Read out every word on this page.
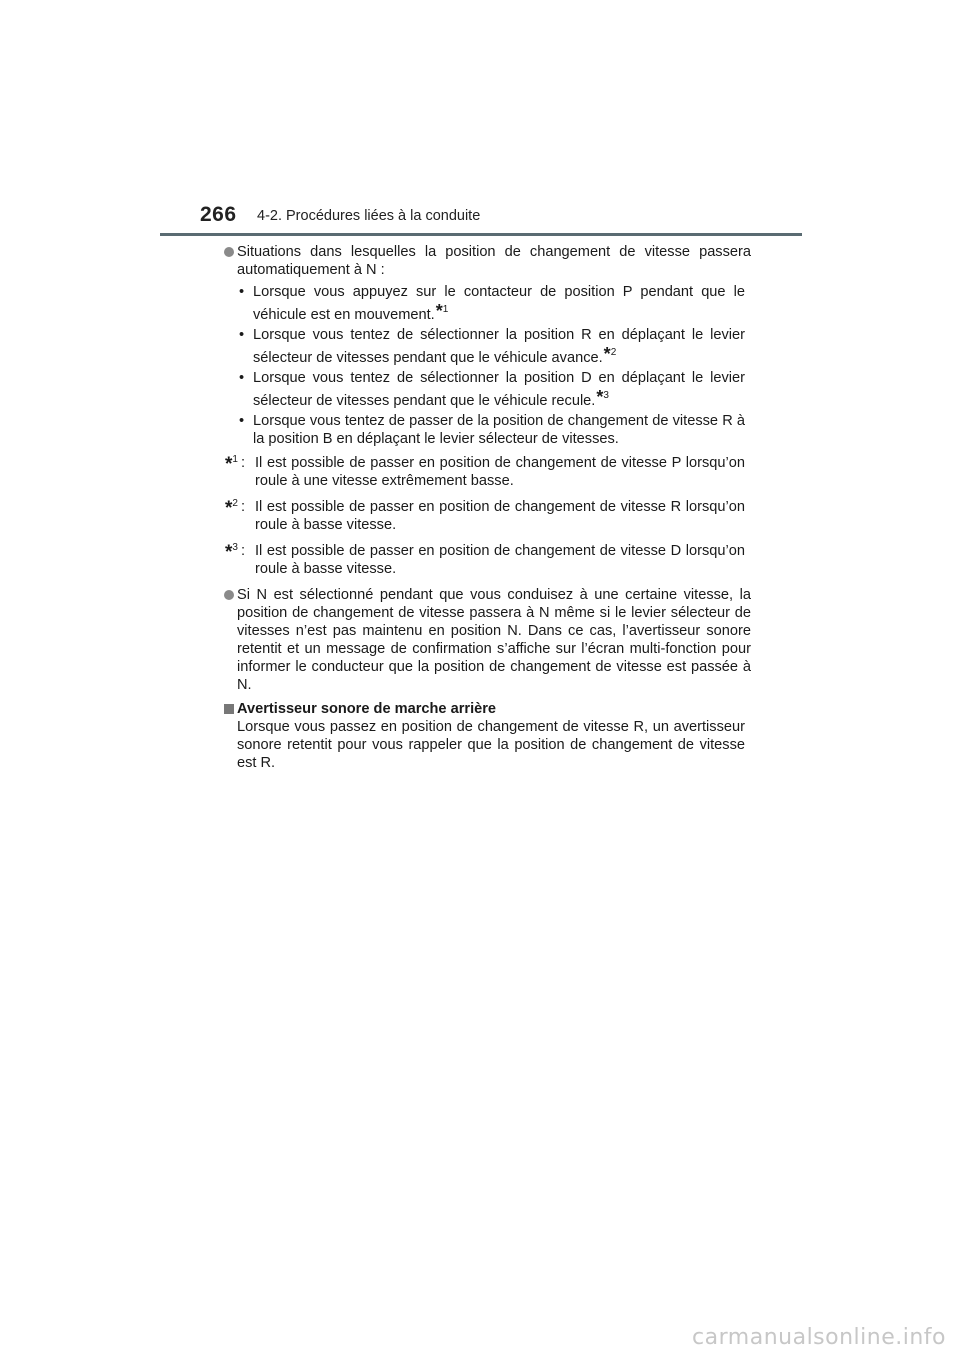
266 4-2. Procédures liées à la conduite
Situations dans lesquelles la position de changement de vitesse passera automatiquement à N :
• Lorsque vous appuyez sur le contacteur de position P pendant que le véhicule est en mouvement.*$^1$
• Lorsque vous tentez de sélectionner la position R en déplaçant le levier sélecteur de vitesses pendant que le véhicule avance.*$^2$
• Lorsque vous tentez de sélectionner la position D en déplaçant le levier sélecteur de vitesses pendant que le véhicule recule.*$^3$
• Lorsque vous tentez de passer de la position de changement de vitesse R à la position B en déplaçant le levier sélecteur de vitesses.
*$^1$ : Il est possible de passer en position de changement de vitesse P lorsqu’on roule à une vitesse extrêmement basse.
*$^2$ : Il est possible de passer en position de changement de vitesse R lorsqu’on roule à basse vitesse.
*$^3$ : Il est possible de passer en position de changement de vitesse D lorsqu’on roule à basse vitesse.
Si N est sélectionné pendant que vous conduisez à une certaine vitesse, la position de changement de vitesse passera à N même si le levier sélecteur de vitesses n’est pas maintenu en position N. Dans ce cas, l’avertisseur sonore retentit et un message de confirmation s’affiche sur l’écran multi-fonction pour informer le conducteur que la position de changement de vitesse est passée à N.
Avertisseur sonore de marche arrière
Lorsque vous passez en position de changement de vitesse R, un avertisseur sonore retentit pour vous rappeler que la position de changement de vitesse est R.
carmanualsonline.info
